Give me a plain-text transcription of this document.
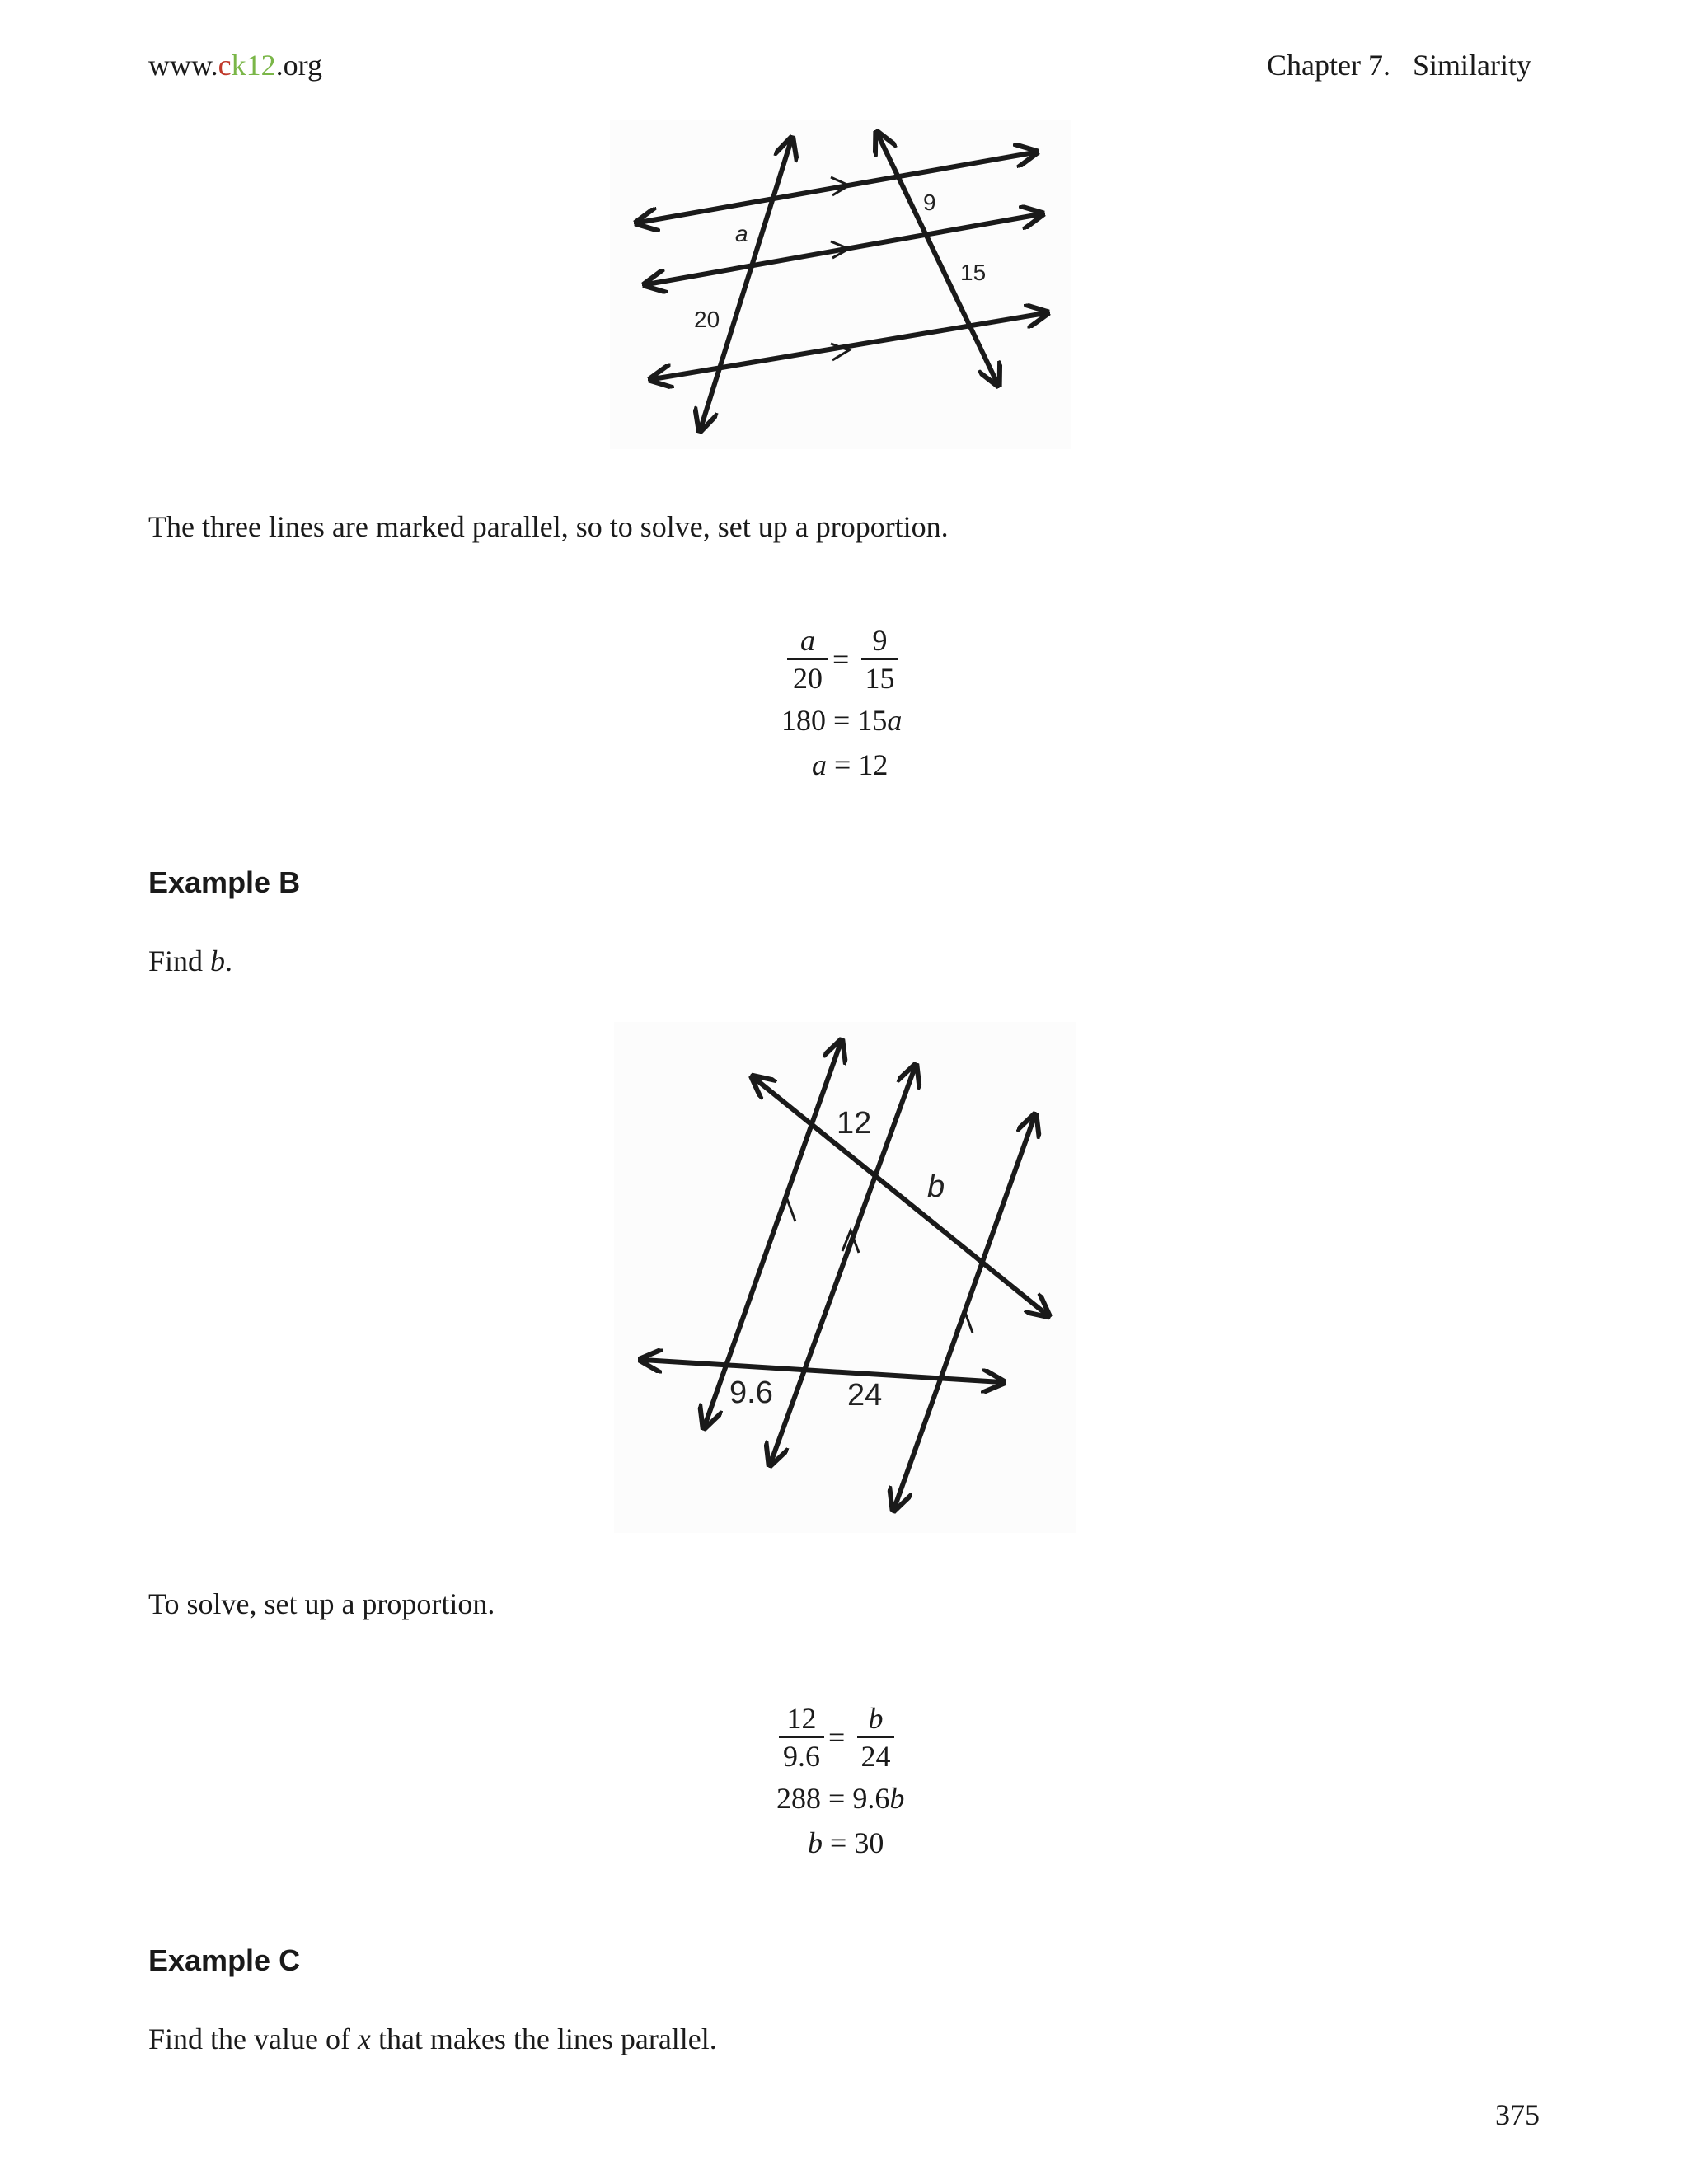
www.ck12.org	Chapter 7.   Similarity
a
20
9
15
The three lines are marked parallel, so to solve, set up a proportion.
a
20
=
9
15
180 = 15a
a = 12
Example B
Find b.
12
b
9.6 24
To solve, set up a proportion.
12
9.6
=
b
24
288 = 9.6b
b = 30
Example C
Find the value of x that makes the lines parallel.
375
